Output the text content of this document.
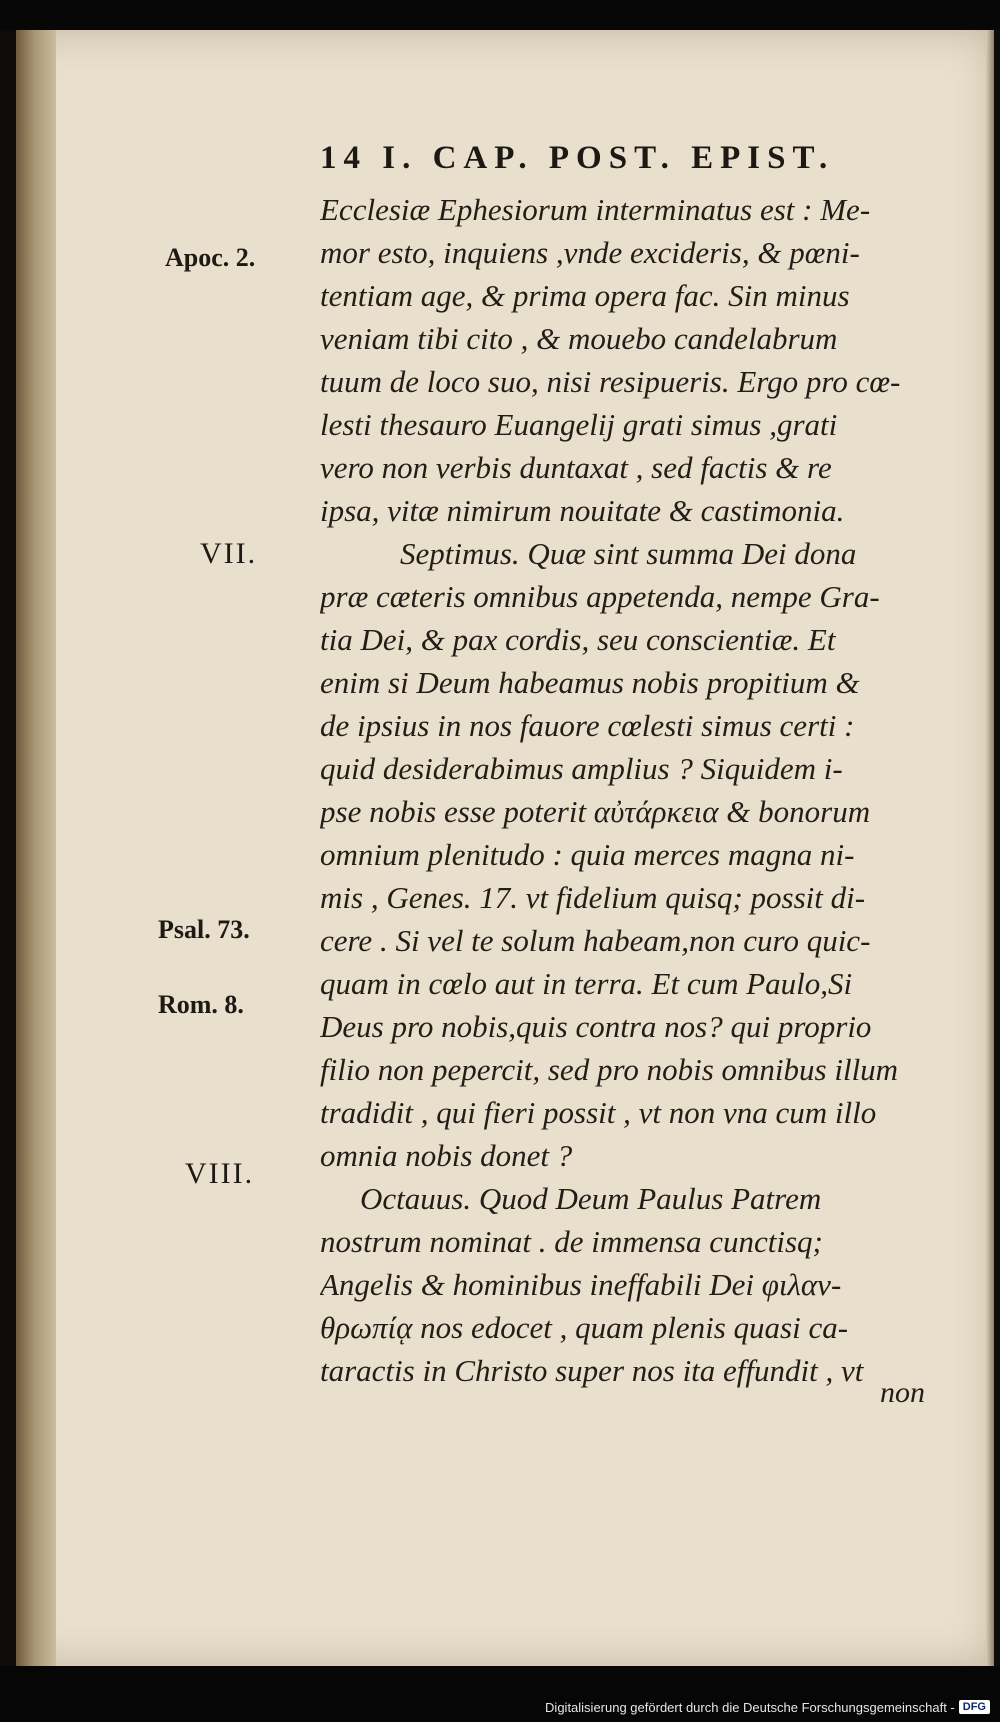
14 I. CAP. POST. EPIST.
Apoc. 2.
VII.
Psal. 73.
Rom. 8.
VIII.
Ecclesiæ Ephesiorum interminatus est : Me-
mor esto, inquiens ,vnde excideris, & pœni-
tentiam age, & prima opera fac. Sin minus
veniam tibi cito , & mouebo candelabrum
tuum de loco suo, nisi resipueris. Ergo pro cœ-
lesti thesauro Euangelij grati simus ,grati
vero non verbis duntaxat , sed factis & re
ipsa, vitæ nimirum nouitate & castimonia.
Septimus. Quæ sint summa Dei dona
præ cæteris omnibus appetenda, nempe Gra-
tia Dei, & pax cordis, seu conscientiæ. Et
enim si Deum habeamus nobis propitium &
de ipsius in nos fauore cœlesti simus certi :
quid desiderabimus amplius ? Siquidem i-
pse nobis esse poterit αὐτάρκεια & bonorum
omnium plenitudo : quia merces magna ni-
mis , Genes. 17. vt fidelium quisq; possit di-
cere . Si vel te solum habeam,non curo quic-
quam in cœlo aut in terra. Et cum Paulo,Si
Deus pro nobis,quis contra nos? qui proprio
filio non pepercit, sed pro nobis omnibus illum
tradidit , qui fieri possit , vt non vna cum illo
omnia nobis donet ?
Octauus. Quod Deum Paulus Patrem
nostrum nominat . de immensa cunctisq;
Angelis & hominibus ineffabili Dei φιλαν-
θρωπίᾳ nos edocet , quam plenis quasi ca-
taractis in Christo super nos ita effundit , vt
non
Digitalisierung gefördert durch die Deutsche Forschungsgemeinschaft - DFG
